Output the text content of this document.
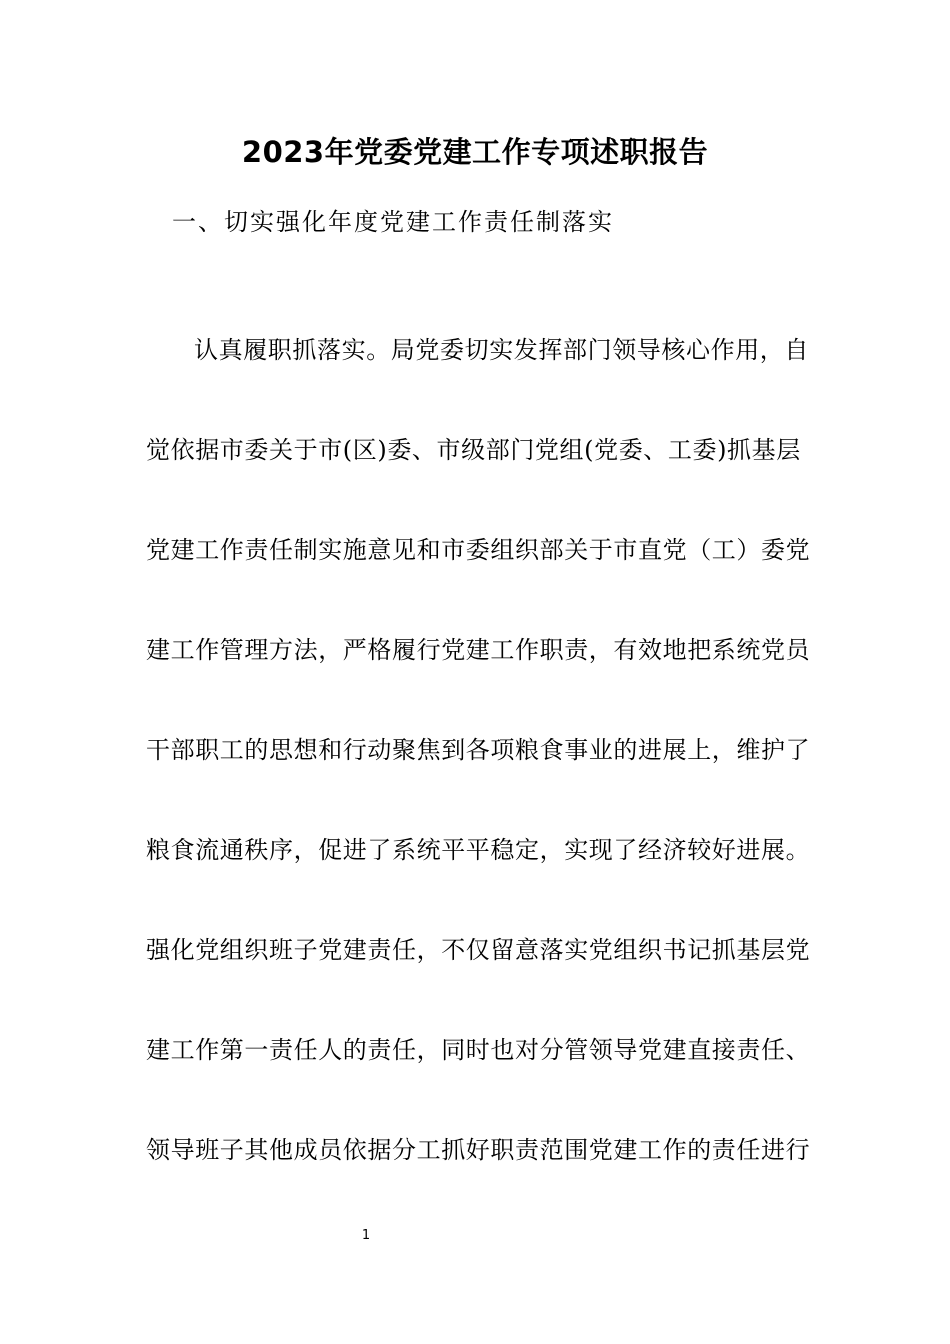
2023年党委党建工作专项述职报告
一、切实强化年度党建工作责任制落实
认真履职抓落实。局党委切实发挥部门领导核心作用，自
觉依据市委关于市(区)委、市级部门党组(党委、工委)抓基层
党建工作责任制实施意见和市委组织部关于市直党（工）委党
建工作管理方法，严格履行党建工作职责，有效地把系统党员
干部职工的思想和行动聚焦到各项粮食事业的进展上，维护了
粮食流通秩序，促进了系统平平稳定，实现了经济较好进展。
强化党组织班子党建责任，不仅留意落实党组织书记抓基层党
建工作第一责任人的责任，同时也对分管领导党建直接责任、
领导班子其他成员依据分工抓好职责范围党建工作的责任进行
1
